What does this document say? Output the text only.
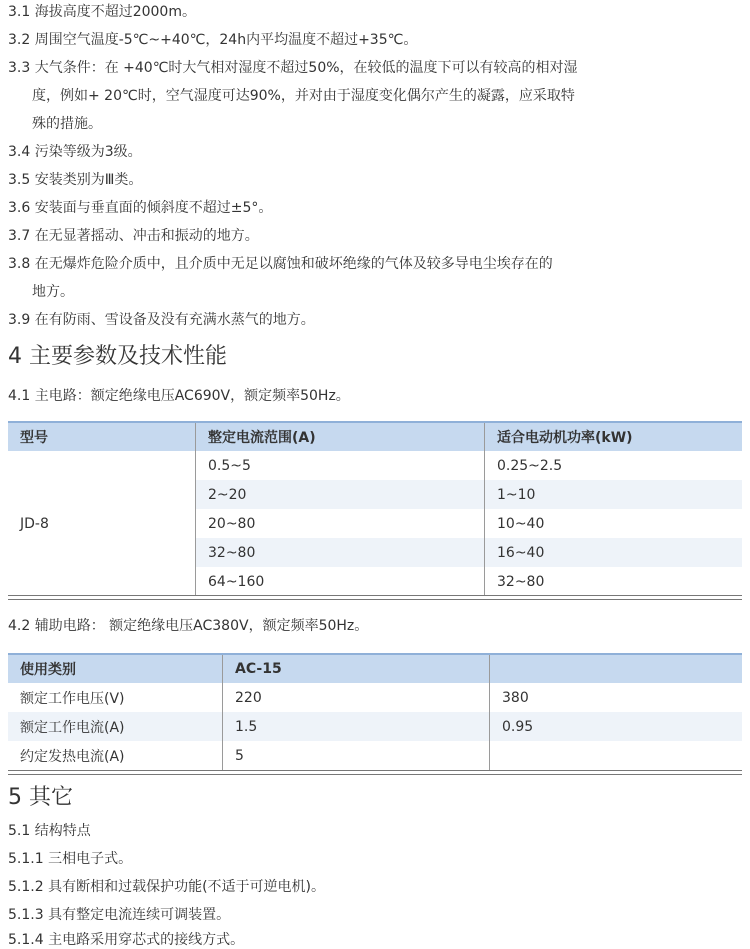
3.1 海拔高度不超过2000m。
3.2 周围空气温度-5℃~+40℃，24h内平均温度不超过+35℃。
3.3 大气条件：在 +40℃时大气相对湿度不超过50%，在较低的温度下可以有较高的相对湿
度，例如+ 20℃时，空气湿度可达90%，并对由于湿度变化偶尔产生的凝露，应采取特
殊的措施。
3.4 污染等级为3级。
3.5 安装类别为Ⅲ类。
3.6 安装面与垂直面的倾斜度不超过±5°。
3.7 在无显著摇动、冲击和振动的地方。
3.8 在无爆炸危险介质中，且介质中无足以腐蚀和破坏绝缘的气体及较多导电尘埃存在的
地方。
3.9 在有防雨、雪设备及没有充满水蒸气的地方。
4 主要参数及技术性能
4.1 主电路：额定绝缘电压AC690V，额定频率50Hz。
型号	整定电流范围(A)	适合电动机功率(kW)
JD-8	0.5~5	0.25~2.5
	2~20	1~10
	20~80	10~40
	32~80	16~40
	64~160	32~80
4.2 辅助电路： 额定绝缘电压AC380V，额定频率50Hz。
使用类别	AC-15	
额定工作电压(V)	220	380
额定工作电流(A)	1.5	0.95
约定发热电流(A)	5	
5 其它
5.1 结构特点
5.1.1 三相电子式。
5.1.2 具有断相和过载保护功能(不适于可逆电机)。
5.1.3 具有整定电流连续可调装置。
5.1.4 主电路采用穿芯式的接线方式。
